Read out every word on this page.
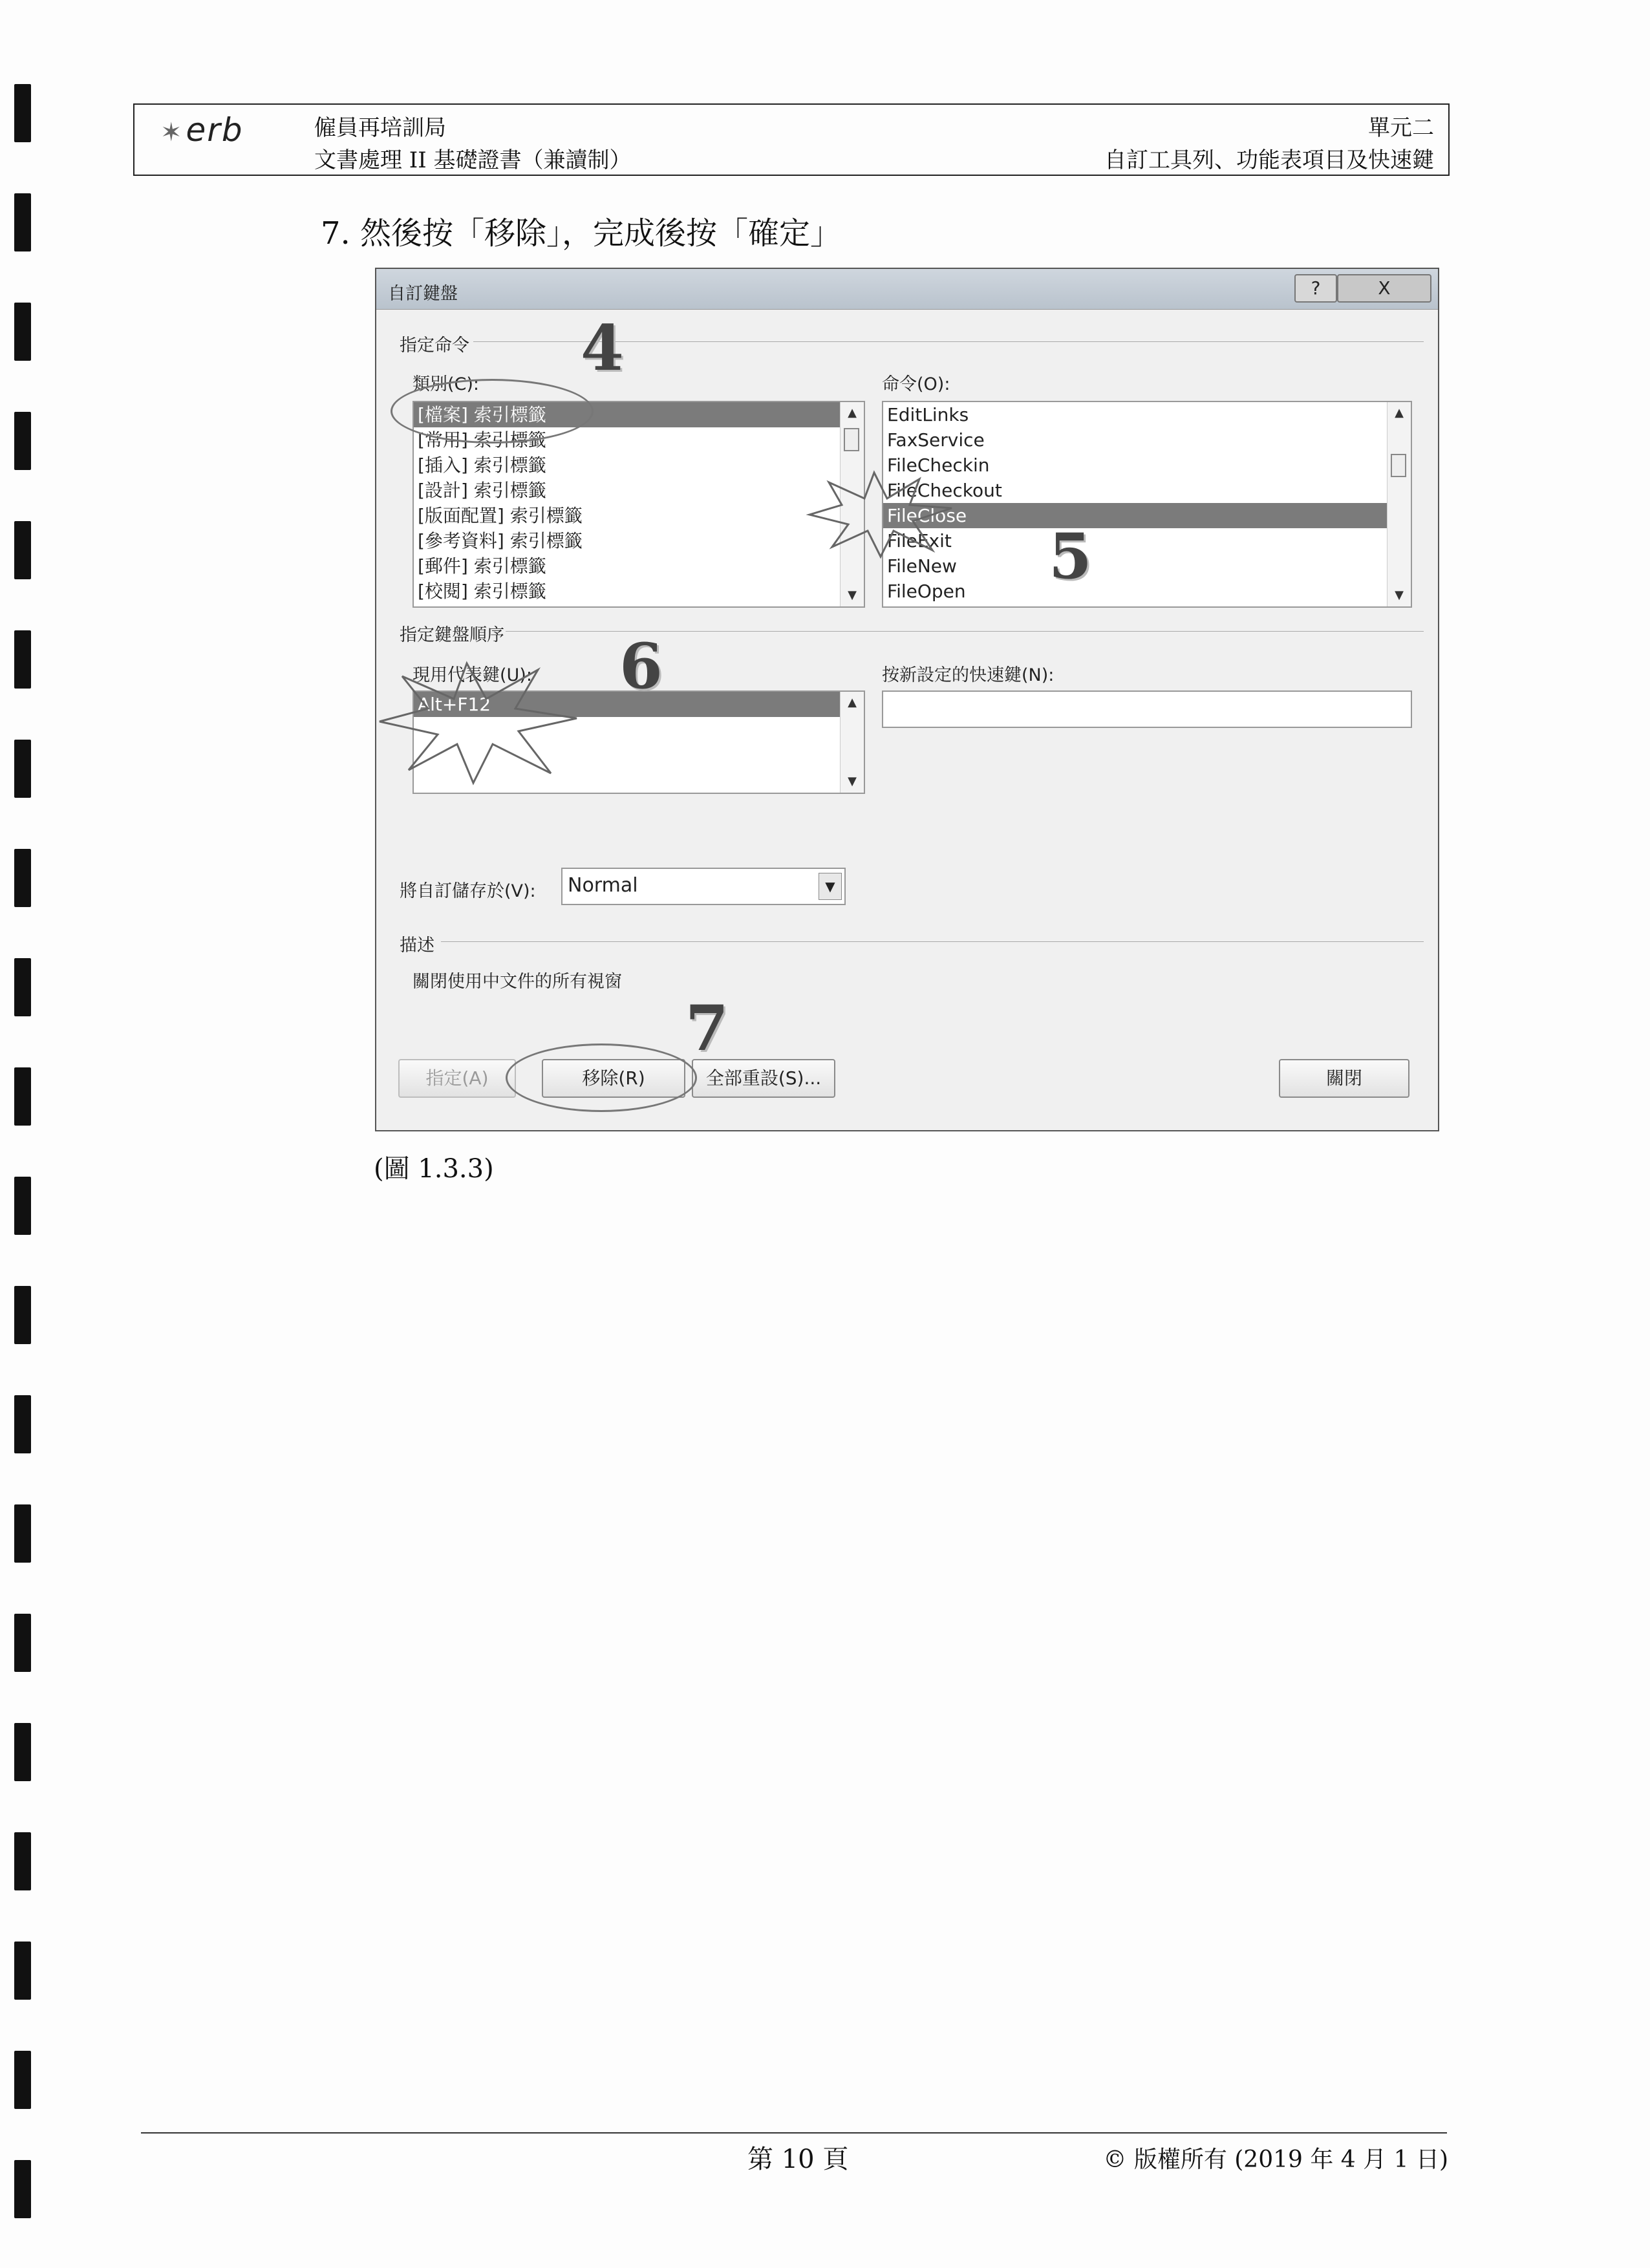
✶erb	僱員再培訓局
文書處理 II 基礎證書（兼讀制）
單元二
自訂工具列、功能表項目及快速鍵
7. 然後按「移除」，完成後按「確定」
自訂鍵盤	?	X
指定命令
類別(C):	命令(O):
[檔案] 索引標籤
[常用] 索引標籤
[插入] 索引標籤
[設計] 索引標籤
[版面配置] 索引標籤
[參考資料] 索引標籤
[郵件] 索引標籤
[校閱] 索引標籤
▲
▼
EditLinks
FaxService
FileCheckin
FileCheckout
FileClose
FileExit
FileNew
FileOpen
▲
▼
指定鍵盤順序
現用代表鍵(U):	按新設定的快速鍵(N):
Alt+F12	▲
▼
將自訂儲存於(V):	Normal	▼
描述
關閉使用中文件的所有視窗
指定(A)	移除(R)	全部重設(S)...	關閉
4
5
6
7
(圖 1.3.3)
第 10 頁	© 版權所有 (2019 年 4 月 1 日)
